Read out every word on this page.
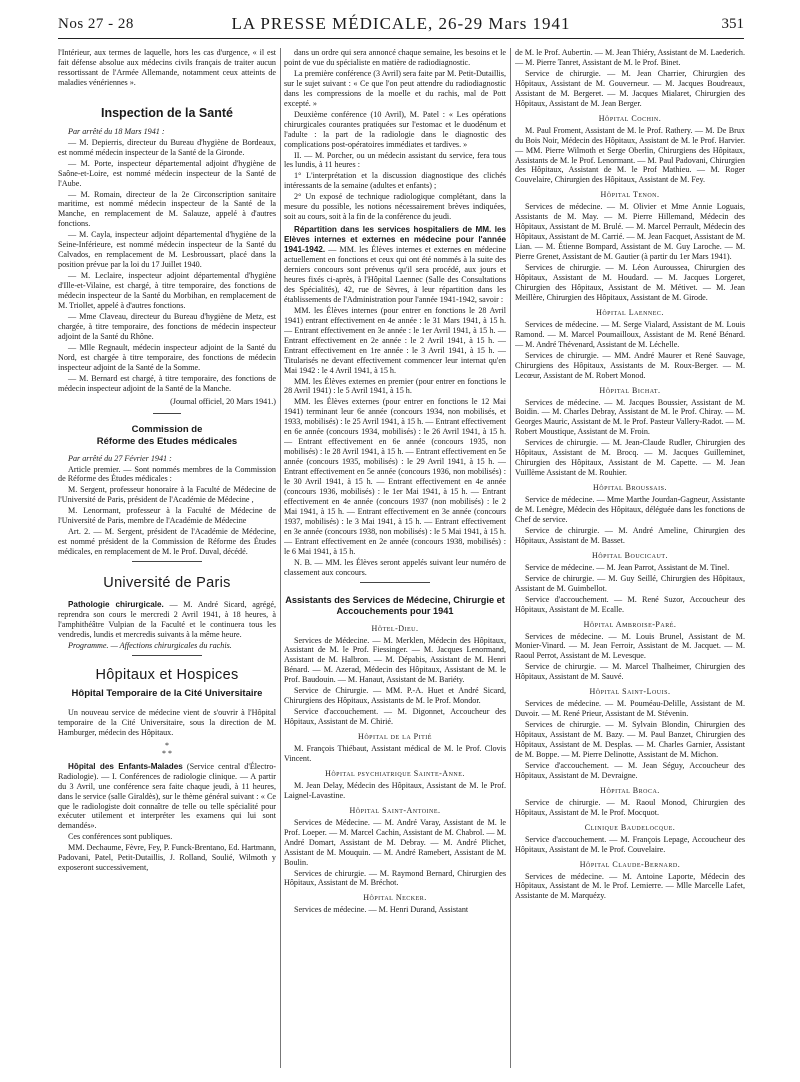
Nos 27 - 28	LA PRESSE MÉDICALE, 26-29 Mars 1941	351

l'Intérieur, aux termes de laquelle, hors les cas d'urgence, « il est fait défense absolue aux médecins civils français de traiter aucun ressortissant de l'Armée Allemande, notamment ceux atteints de maladies vénériennes ».

Inspection de la Santé

Par arrêté du 18 Mars 1941 :

— M. Depierris, directeur du Bureau d'hygiène de Bordeaux, est nommé médecin inspecteur de la Santé de la Gironde.

— M. Porte, inspecteur départemental adjoint d'hygiène de Saône-et-Loire, est nommé médecin inspecteur de la Santé de l'Aube.

— M. Romain, directeur de la 2e Circonscription sanitaire maritime, est nommé médecin inspecteur de la Santé de la Manche, en remplacement de M. Salauze, appelé à d'autres fonctions.

— M. Cayla, inspecteur adjoint départemental d'hygiène de la Seine-Inférieure, est nommé médecin inspecteur de la Santé du Calvados, en remplacement de M. Lesbroussart, placé dans la position prévue par la loi du 17 Juillet 1940.

— M. Leclaire, inspecteur adjoint départemental d'hygiène d'Ille-et-Vilaine, est chargé, à titre temporaire, des fonctions de médecin inspecteur de la Santé du Morbihan, en remplacement de M. Triollet, appelé à d'autres fonctions.

— Mme Claveau, directeur du Bureau d'hygiène de Metz, est chargée, à titre temporaire, des fonctions de médecin inspecteur adjoint de la Santé du Rhône.

— Mlle Regnault, médecin inspecteur adjoint de la Santé du Nord, est chargée à titre temporaire, des fonctions de médecin inspecteur adjoint de la Santé de la Somme.

— M. Bernard est chargé, à titre temporaire, des fonctions de médecin inspecteur adjoint de la Santé de la Manche.

(Journal officiel, 20 Mars 1941.)

Commission de
Réforme des Etudes médicales

Par arrêté du 27 Février 1941 :

Article premier. — Sont nommés membres de la Commission de Réforme des Études médicales :

M. Sergent, professeur honoraire à la Faculté de Médecine de l'Université de Paris, président de l'Académie de Médecine ,

M. Lenormant, professeur à la Faculté de Médecine de l'Université de Paris, membre de l'Académie de Médecine

Art. 2. — M. Sergent, président de l'Académie de Médecine, est nommé président de la Commission de Réforme des Études médicales, en remplacement de M. le Prof. Duval, décédé.

Université de Paris

Pathologie chirurgicale. — M. André Sicard, agrégé, reprendra son cours le mercredi 2 Avril 1941, à 18 heures, à l'amphithéâtre Vulpian de la Faculté et le continuera tous les vendredis, lundis et mercredis suivants à la même heure.

Programme. — Affections chirurgicales du rachis.

Hôpitaux et Hospices
Hôpital Temporaire de la Cité Universitaire

Un nouveau service de médecine vient de s'ouvrir à l'Hôpital temporaire de la Cité Universitaire, sous la direction de M. Hamburger, médecin des Hôpitaux.

*
* *

Hôpital des Enfants-Malades (Service central d'Électro-Radiologie). — I. Conférences de radiologie clinique. — A partir du 3 Avril, une conférence sera faite chaque jeudi, à 11 heures, dans le service (salle Giraldès), sur le thème général suivant : « Ce que le radiologiste doit connaître de telle ou telle spécialité pour exécuter utilement et interpréter les examens qui lui sont demandés».

Ces conférences sont publiques.

MM. Dechaume, Fèvre, Fey, P. Funck-Brentano, Ed. Hartmann, Padovani, Patel, Petit-Dutaillis, J. Rolland, Soulié, Wilmoth y exposeront successivement,

dans un ordre qui sera annoncé chaque semaine, les besoins et le point de vue du spécialiste en matière de radiodiagnostic.

La première conférence (3 Avril) sera faite par M. Petit-Dutaillis, sur le sujet suivant : « Ce que l'on peut attendre du radiodiagnostic dans les compressions de la moelle et du rachis, mal de Pott excepté. »

Deuxième conférence (10 Avril), M. Patel : « Les opérations chirurgicales courantes pratiquées sur l'estomac et le duodénum et l'adulte : la part de la radiologie dans le diagnostic des complications post-opératoires immédiates et tardives. »

II. — M. Porcher, ou un médecin assistant du service, fera tous les lundis, à 11 heures :

1° L'interprétation et la discussion diagnostique des clichés intéressants de la semaine (adultes et enfants) ;

2° Un exposé de technique radiologique complétant, dans la mesure du possible, les notions nécessairement brèves indiquées, soit au cours, soit à la fin de la conférence du jeudi.

Répartition dans les services hospitaliers de MM. les Elèves internes et externes en médecine pour l'année 1941-1942. — MM. les Élèves internes et externes en médecine actuellement en fonctions et ceux qui ont été nommés à la suite des derniers concours sont prévenus qu'il sera procédé, aux jours et heures fixés ci-après, à l'Hôpital Laennec (Salle des Consultations des Spécialités), 42, rue de Sèvres, à leur répartition dans les établissements de l'Administration pour l'année 1941-1942, savoir :

MM. les Élèves internes (pour entrer en fonctions le 28 Avril 1941) entrant effectivement en 4e année : le 31 Mars 1941, à 15 h. — Entrant effectivement en 3e année : le 1er Avril 1941, à 15 h. — Entrant effectivement en 2e année : le 2 Avril 1941, à 15 h. — Entrant effectivement en 1re année : le 3 Avril 1941, à 15 h. — Titularisés ne devant effectivement commencer leur internat qu'en Mai 1942 : le 4 Avril 1941, à 15 h.

MM. les Élèves externes en premier (pour entrer en fonctions le 28 Avril 1941) : le 5 Avril 1941, à 15 h.

MM. les Élèves externes (pour entrer en fonctions le 12 Mai 1941) terminant leur 6e année (concours 1934, non mobilisés, et 1933, mobilisés) : le 25 Avril 1941, à 15 h. — Entrant effectivement en 6e année (concours 1934, mobilisés) : le 26 Avril 1941, à 15 h. — Entrant effectivement en 6e année (concours 1935, non mobilisés) : le 28 Avril 1941, à 15 h. — Entrant effectivement en 5e année (concours 1935, mobilisés) : le 29 Avril 1941, à 15 h. — Entrant effectivement en 5e année (concours 1936, non mobilisés) : le 30 Avril 1941, à 15 h. — Entrant effectivement en 4e année (concours 1936, mobilisés) : le 1er Mai 1941, à 15 h. — Entrant effectivement en 4e année (concours 1937 (non mobilisés) : le 2 Mai 1941, à 15 h. — Entrant effectivement en 3e année (concours 1937, mobilisés) : le 3 Mai 1941, à 15 h. — Entrant effectivement en 3e année (concours 1938, non mobilisés) : le 5 Mai 1941, à 15 h. — Entrant effectivement en 2e année (concours 1938, mobilisés) : le 6 Mai 1941, à 15 h.

N. B. — MM. les Élèves seront appelés suivant leur numéro de classement aux concours.

Assistants des Services de Médecine, Chirurgie et Accouchements pour 1941
Hôtel-Dieu.

Services de Médecine. — M. Merklen, Médecin des Hôpitaux, Assistant de M. le Prof. Fiessinger. — M. Jacques Lenormand, Assistant de M. Halbron. — M. Dépabis, Assistant de M. Henri Bénard. — M. Azerad, Médecin des Hôpitaux, Assistant de M. le Prof. Baudouin. — M. Hanaut, Assistant de M. Bariéty.

Service de Chirurgie. — MM. P.-A. Huet et André Sicard, Chirurgiens des Hôpitaux, Assistants de M. le Prof. Mondor.

Service d'accouchement. — M. Digonnet, Accoucheur des Hôpitaux, Assistant de M. Chirié.

Hôpital de la Pitié

M. François Thiébaut, Assistant médical de M. le Prof. Clovis Vincent.

Hôpital psychiatrique Sainte-Anne.

M. Jean Delay, Médecin des Hôpitaux, Assistant de M. le Prof. Laignel-Lavastine.

Hôpital Saint-Antoine.

Services de Médecine. — M. André Varay, Assistant de M. le Prof. Loeper. — M. Marcel Cachin, Assistant de M. Chabrol. — M. André Domart, Assistant de M. Debray. — M. André Plichet, Assistant de M. Mouquin. — M. André Ramebert, Assistant de M. Boulin.

Services de chirurgie. — M. Raymond Bernard, Chirurgien des Hôpitaux, Assistant de M. Bréchot.

Hôpital Necker.

Services de médecine. — M. Henri Durand, Assistant

de M. le Prof. Aubertin. — M. Jean Thiéry, Assistant de M. Laederich. — M. Pierre Tanret, Assistant de M. le Prof. Binet.

Service de chirurgie. — M. Jean Charrier, Chirurgien des Hôpitaux, Assistant de M. Gouverneur. — M. Jacques Boudreaux, Assistant de M. Bergeret. — M. Jacques Mialaret, Chirurgien des Hôpitaux, Assistant de M. Jean Berger.

Hôpital Cochin.

M. Paul Froment, Assistant de M. le Prof. Rathery. — M. De Brux du Bois Noir, Médecin des Hôpitaux, Assistant de M. le Prof. Harvier. — MM. Pierre Wilmoth et Serge Oberlin, Chirurgiens des Hôpitaux, Assistants de M. le Prof. Lenormant. — M. Paul Padovani, Chirurgien des Hôpitaux, Assistant de M. le Prof Mathieu. — M. Roger Couvelaire, Chirurgien des Hôpitaux, Assistant de M. Fey.

Hôpital Tenon.

Services de médecine. — M. Olivier et Mme Annie Loguais, Assistants de M. May. — M. Pierre Hillemand, Médecin des Hôpitaux, Assistant de M. Brulé. — M. Marcel Perrault, Médecin des Hôpitaux, Assistant de M. Carrié. — M. Jean Facquet, Assistant de M. Lian. — M. Étienne Bompard, Assistant de M. Guy Laroche. — M. Pierre Grenet, Assistant de M. Gautier (à partir du 1er Mars 1941).

Services de chirurgie. — M. Léon Auroussea, Chirurgien des Hôpitaux, Assistant de M. Houdard. — M. Jacques Lorgeret, Chirurgien des Hôpitaux, Assistant de M. Métivet. — M. Jean Meillère, Chirurgien des Hôpitaux, Assistant de M. Girode.

Hôpital Laennec.

Services de médecine. — M. Serge Vialard, Assistant de M. Louis Ramond. — M. Marcel Poumailloux, Assistant de M. René Bénard. — M. André Thévenard, Assistant de M. Léchelle.

Services de chirurgie. — MM. André Maurer et René Sauvage, Chirurgiens des Hôpitaux, Assistants de M. Roux-Berger. — M. Lecœur, Assistant de M. Robert Monod.

Hôpital Bichat.

Services de médecine. — M. Jacques Boussier, Assistant de M. Boidin. — M. Charles Debray, Assistant de M. le Prof. Chiray. — M. Georges Mauric, Assistant de M. le Prof. Pasteur Vallery-Radot. — M. Robert Moustique, Assistant de M. Froin.

Services de chirurgie. — M. Jean-Claude Rudler, Chirurgien des Hôpitaux, Assistant de M. Brocq. — M. Jacques Guilleminet, Chirurgien des Hôpitaux, Assistant de M. Capette. — M. Jean Vuillème Assistant de M. Rouhier.

Hôpital Broussais.

Service de médecine. — Mme Marthe Jourdan-Gagneur, Assistante de M. Lenègre, Médecin des Hôpitaux, déléguée dans les fonctions de Chef de service.

Service de chirurgie. — M. André Ameline, Chirurgien des Hôpitaux, Assistant de M. Basset.

Hôpital Boucicaut.

Service de médecine. — M. Jean Parrot, Assistant de M. Tinel.

Service de chirurgie. — M. Guy Seillé, Chirurgien des Hôpitaux, Assistant de M. Guimbellot.

Service d'accouchement. — M. René Suzor, Accoucheur des Hôpitaux, Assistant de M. Ecalle.

Hôpital Ambroise-Paré.

Services de médecine. — M. Louis Brunel, Assistant de M. Monier-Vinard. — M. Jean Ferroir, Assistant de M. Jacquet. — M. Raoul Perrot, Assistant de M. Levesque.

Service de chirurgie. — M. Marcel Thalheimer, Chirurgien des Hôpitaux, Assistant de M. Sauvé.

Hôpital Saint-Louis.

Services de médecine. — M. Pouméau-Delille, Assistant de M. Duvoir. — M. René Prieur, Assistant de M. Stévenin.

Services de chirurgie. — M. Sylvain Blondin, Chirurgien des Hôpitaux, Assistant de M. Bazy. — M. Paul Banzet, Chirurgien des Hôpitaux, Assistant de M. Desplas. — M. Charles Garnier, Assistant de M. Boppe. — M. Pierre Delinotte, Assistant de M. Michon.

Service d'accouchement. — M. Jean Séguy, Accoucheur des Hôpitaux, Assistant de M. Devraigne.

Hôpital Broca.

Service de chirurgie. — M. Raoul Monod, Chirurgien des Hôpitaux, Assistant de M. le Prof. Mocquot.

Clinique Baudelocque.

Service d'accouchement. — M. François Lepage, Accoucheur des Hôpitaux, Assistant de M. le Prof. Couvelaire.

Hôpital Claude-Bernard.

Services de médecine. — M. Antoine Laporte, Médecin des Hôpitaux, Assistant de M. le Prof. Lemierre. — Mlle Marcelle Lafet, Assistante de M. Marquézy.
